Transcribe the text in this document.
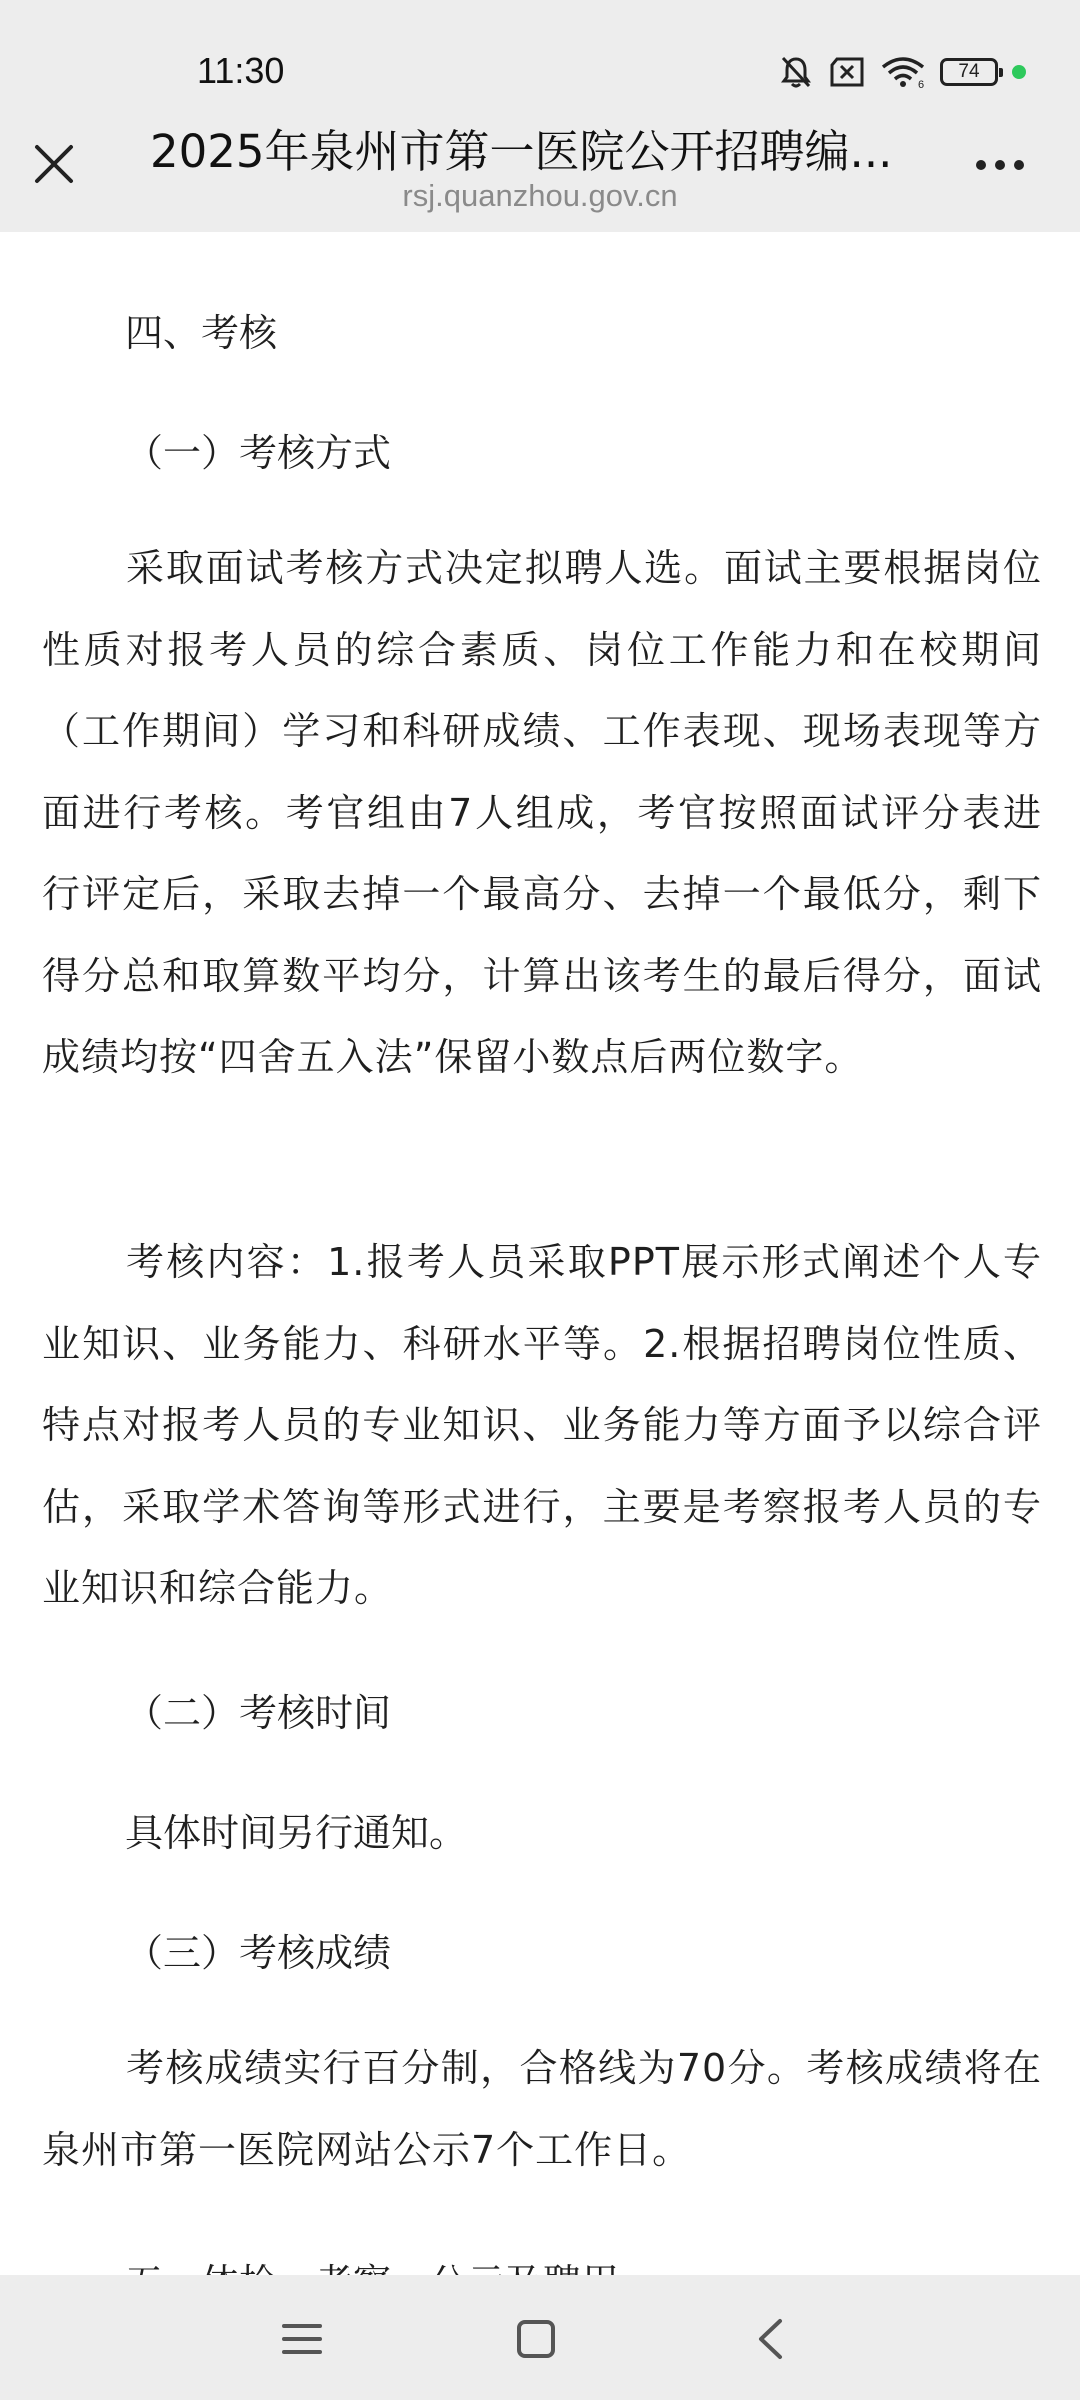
11:30	6
74
2025年泉州市第一医院公开招聘编...
rsj.quanzhou.gov.cn
四、考核
（一）考核方式
采取面试考核方式决定拟聘人选。面试主要根据岗位性质对报考人员的综合素质、岗位工作能力和在校期间（工作期间）学习和科研成绩、工作表现、现场表现等方面进行考核。考官组由7人组成，考官按照面试评分表进行评定后，采取去掉一个最高分、去掉一个最低分，剩下得分总和取算数平均分，计算出该考生的最后得分，面试成绩均按“四舍五入法”保留小数点后两位数字。
考核内容：1.报考人员采取PPT展示形式阐述个人专业知识、业务能力、科研水平等。2.根据招聘岗位性质、特点对报考人员的专业知识、业务能力等方面予以综合评估，采取学术答询等形式进行，主要是考察报考人员的专业知识和综合能力。
（二）考核时间
具体时间另行通知。
（三）考核成绩
考核成绩实行百分制，合格线为70分。考核成绩将在泉州市第一医院网站公示7个工作日。
